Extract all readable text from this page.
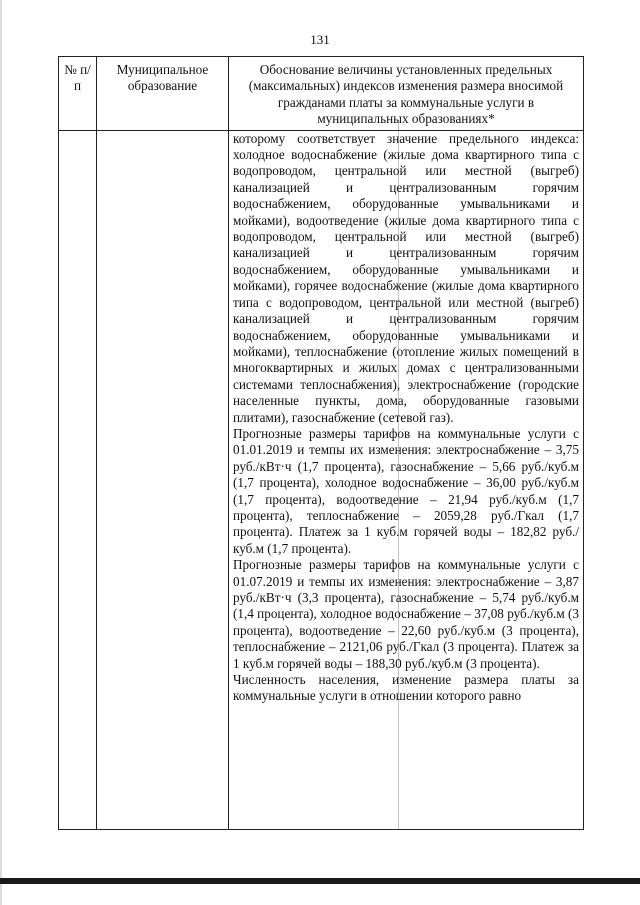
131
№ п/п	Муниципальное образование	Обоснование величины установленных предельных (максимальных) индексов изменения размера вносимой гражданами платы за коммунальные услуги в муниципальных образованиях*

		которому соответствует значение предельного индекса: холодное водоснабжение (жилые дома квартирного типа с водопроводом, центральной или местной (выгреб) канализацией и централизованным горячим водоснабжением, оборудованные умывальниками и мойками), водоотведение (жилые дома квартирного типа с водопроводом, центральной или местной (выгреб) канализацией и централизованным горячим водоснабжением, оборудованные умывальниками и мойками), горячее водоснабжение (жилые дома квартирного типа с водопроводом, центральной или местной (выгреб) канализацией и централизованным горячим водоснабжением, оборудованные умывальниками и мойками), теплоснабжение (отопление жилых помещений в многоквартирных и жилых домах с централизованными системами теплоснабжения), электроснабжение (городские населенные пункты, дома, оборудованные газовыми плитами), газоснабжение (сетевой газ).

Прогнозные размеры тарифов на коммунальные услуги с 01.01.2019 и темпы их изменения: электроснабжение – 3,75 руб./кВт·ч (1,7 процента), газоснабжение – 5,66 руб./куб.м (1,7 процента), холодное водоснабжение – 36,00 руб./куб.м (1,7 процента), водоотведение – 21,94 руб./куб.м (1,7 процента), теплоснабжение – 2059,28 руб./Гкал (1,7 процента). Платеж за 1 куб.м горячей воды – 182,82 руб./куб.м (1,7 процента).

Прогнозные размеры тарифов на коммунальные услуги с 01.07.2019 и темпы их изменения: электроснабжение – 3,87 руб./кВт·ч (3,3 процента), газоснабжение – 5,74 руб./куб.м (1,4 процента), холодное водоснабжение – 37,08 руб./куб.м (3 процента), водоотведение – 22,60 руб./куб.м (3 процента), теплоснабжение – 2121,06 руб./Гкал (3 процента). Платеж за 1 куб.м горячей воды – 188,30 руб./куб.м (3 процента).

Численность населения, изменение размера платы за коммунальные услуги в отношении которого равно
